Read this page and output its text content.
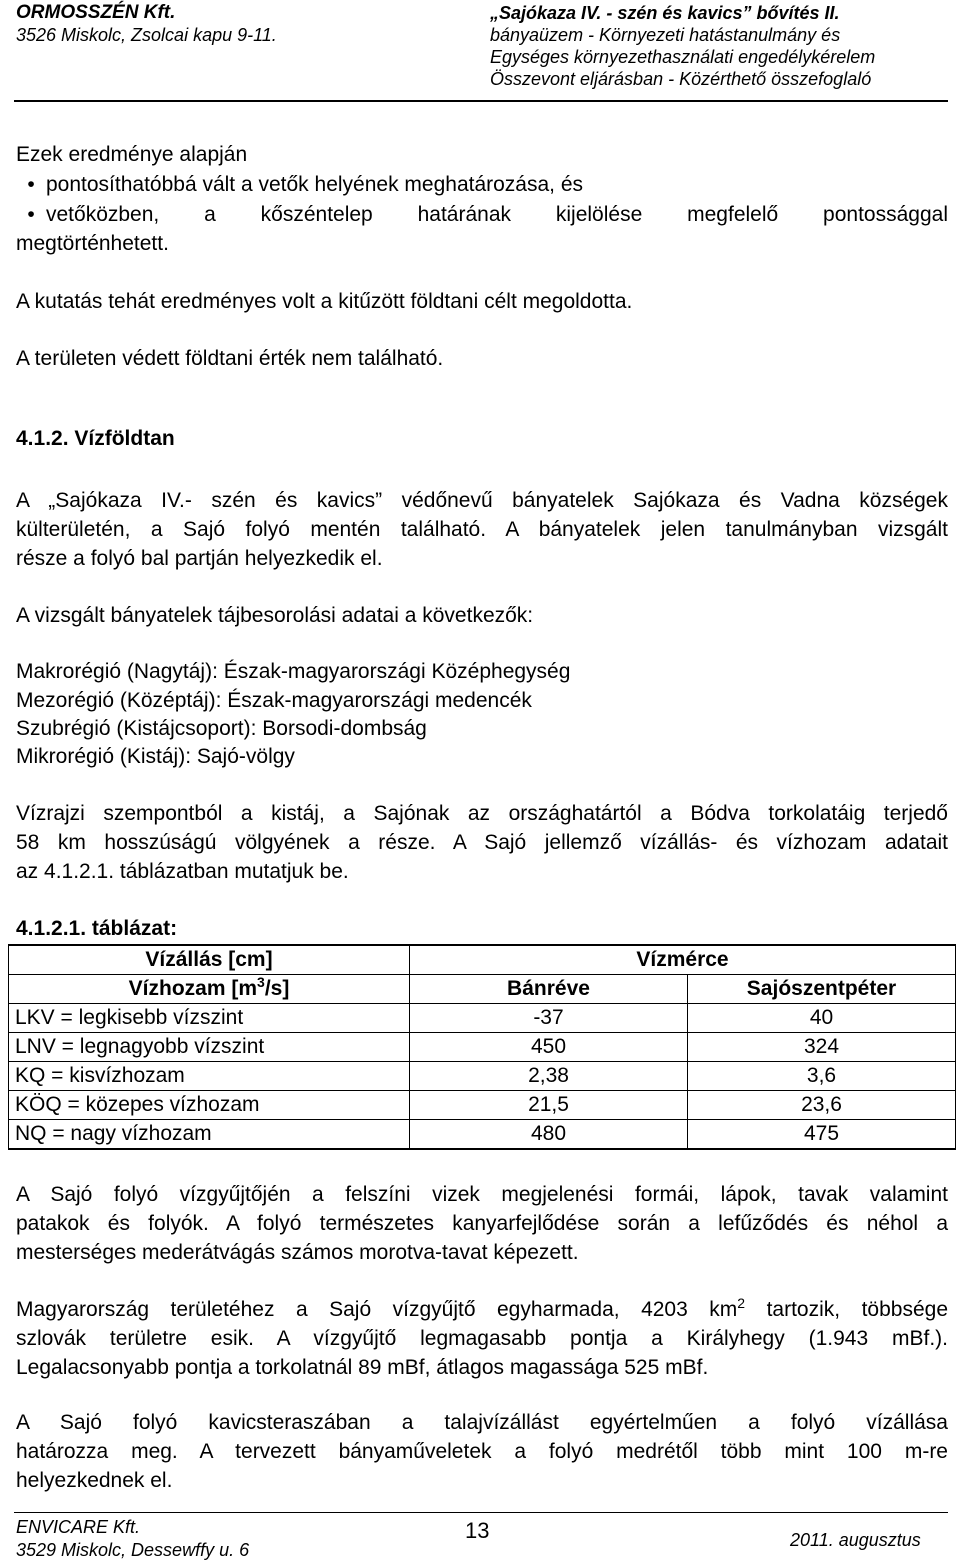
ORMOSSZÉN Kft.
3526 Miskolc, Zsolcai kapu 9-11.
„Sajókaza IV. - szén és kavics” bővítés II.
bányaüzem - Környezeti hatástanulmány és
Egységes környezethasználati engedélykérelem
Összevont eljárásban - Közérthető összefoglaló
Ezek eredménye alapján
• pontosíthatóbbá vált a vetők helyének meghatározása, és
• vetőközben, a kőszéntelep határának kijelölése megfelelő pontossággal
megtörténhetett.
A kutatás tehát eredményes volt a kitűzött földtani célt megoldotta.
A területen védett földtani érték nem található.
4.1.2. Vízföldtan
A „Sajókaza IV.- szén és kavics” védőnevű bányatelek Sajókaza és Vadna községek
külterületén, a Sajó folyó mentén található. A bányatelek jelen tanulmányban vizsgált
része a folyó bal partján helyezkedik el.
A vizsgált bányatelek tájbesorolási adatai a következők:
Makrorégió (Nagytáj): Észak-magyarországi Középhegység
Mezorégió (Középtáj): Észak-magyarországi medencék
Szubrégió (Kistájcsoport): Borsodi-dombság
Mikrorégió (Kistáj): Sajó-völgy
Vízrajzi szempontból a kistáj, a Sajónak az országhatártól a Bódva torkolatáig terjedő
58 km hosszúságú völgyének a része. A Sajó jellemző vízállás- és vízhozam adatait
az 4.1.2.1. táblázatban mutatjuk be.
4.1.2.1. táblázat:
Vízállás [cm]	Vízmérce	
Vízhozam $[m^3/s]$	Bánréve	Sajószentpéter
LKV = legkisebb vízszint	-37	40
LNV = legnagyobb vízszint	450	324
KQ = kisvízhozam	2,38	3,6
KÖQ = közepes vízhozam	21,5	23,6
NQ = nagy vízhozam	480	475
A Sajó folyó vízgyűjtőjén a felszíni vizek megjelenési formái, lápok, tavak valamint
patakok és folyók. A folyó természetes kanyarfejlődése során a lefűződés és néhol a
mesterséges mederátvágás számos morotva-tavat képezett.
Magyarország területéhez a Sajó vízgyűjtő egyharmada, 4203 $km^2$ tartozik, többsége
szlovák területre esik. A vízgyűjtő legmagasabb pontja a Királyhegy (1.943 mBf.).
Legalacsonyabb pontja a torkolatnál 89 mBf, átlagos magassága 525 mBf.
A Sajó folyó kavicsteraszában a talajvízállást egyértelműen a folyó vízállása
határozza meg. A tervezett bányaműveletek a folyó medrétől több mint 100 m-re
helyezkednek el.
ENVICARE Kft.
3529 Miskolc, Dessewffy u. 6
13	2011. augusztus
